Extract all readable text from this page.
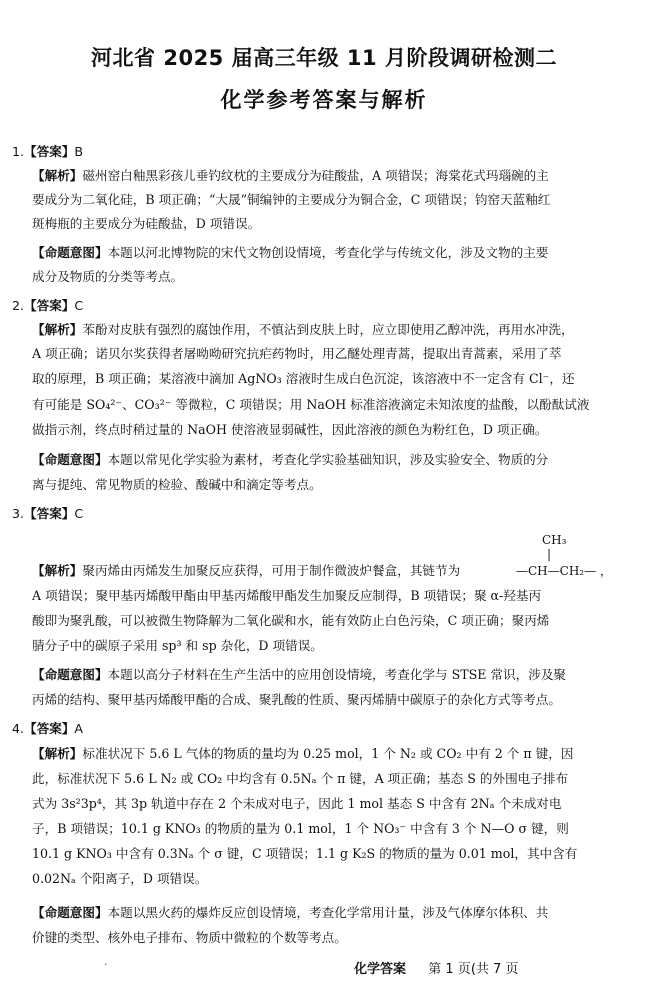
河北省 2025 届高三年级 11 月阶段调研检测二
化学参考答案与解析
1.【答案】B
【解析】磁州窑白釉黑彩孩儿垂钓纹枕的主要成分为硅酸盐，A 项错误；海棠花式玛瑙碗的主
要成分为二氧化硅，B 项正确；“大晟”铜编钟的主要成分为铜合金，C 项错误；钧窑天蓝釉红
斑梅瓶的主要成分为硅酸盐，D 项错误。
【命题意图】本题以河北博物院的宋代文物创设情境，考查化学与传统文化，涉及文物的主要
成分及物质的分类等考点。
2.【答案】C
【解析】苯酚对皮肤有强烈的腐蚀作用，不慎沾到皮肤上时，应立即使用乙醇冲洗，再用水冲洗，
A 项正确；诺贝尔奖获得者屠呦呦研究抗疟药物时，用乙醚处理青蒿，提取出青蒿素，采用了萃
取的原理，B 项正确；某溶液中滴加 AgNO₃ 溶液时生成白色沉淀，该溶液中不一定含有 Cl⁻，还
有可能是 SO₄²⁻、CO₃²⁻ 等微粒，C 项错误；用 NaOH 标准溶液滴定未知浓度的盐酸，以酚酞试液
做指示剂，终点时稍过量的 NaOH 使溶液显弱碱性，因此溶液的颜色为粉红色，D 项正确。
【命题意图】本题以常见化学实验为素材，考查化学实验基础知识，涉及实验安全、物质的分
离与提纯、常见物质的检验、酸碱中和滴定等考点。
3.【答案】C
【解析】聚丙烯由丙烯发生加聚反应获得，可用于制作微波炉餐盒，其链节为
CH₃
|
—CH—CH₂— ，
A 项错误；聚甲基丙烯酸甲酯由甲基丙烯酸甲酯发生加聚反应制得，B 项错误；聚 α-羟基丙
酸即为聚乳酸，可以被微生物降解为二氧化碳和水，能有效防止白色污染，C 项正确；聚丙烯
腈分子中的碳原子采用 sp³ 和 sp 杂化，D 项错误。
【命题意图】本题以高分子材料在生产生活中的应用创设情境，考查化学与 STSE 常识，涉及聚
丙烯的结构、聚甲基丙烯酸甲酯的合成、聚乳酸的性质、聚丙烯腈中碳原子的杂化方式等考点。
4.【答案】A
【解析】标准状况下 5.6 L 气体的物质的量均为 0.25 mol，1 个 N₂ 或 CO₂ 中有 2 个 π 键，因
此，标准状况下 5.6 L N₂ 或 CO₂ 中均含有 0.5Nₐ 个 π 键，A 项正确；基态 S 的外围电子排布
式为 3s²3p⁴，其 3p 轨道中存在 2 个未成对电子，因此 1 mol 基态 S 中含有 2Nₐ 个未成对电
子，B 项错误；10.1 g KNO₃ 的物质的量为 0.1 mol，1 个 NO₃⁻ 中含有 3 个 N—O σ 键，则
10.1 g KNO₃ 中含有 0.3Nₐ 个 σ 键，C 项错误；1.1 g K₂S 的物质的量为 0.01 mol，其中含有
0.02Nₐ 个阳离子，D 项错误。
【命题意图】本题以黑火药的爆炸反应创设情境，考查化学常用计量，涉及气体摩尔体积、共
价键的类型、核外电子排布、物质中微粒的个数等考点。
·	化学答案 第 1 页(共 7 页
